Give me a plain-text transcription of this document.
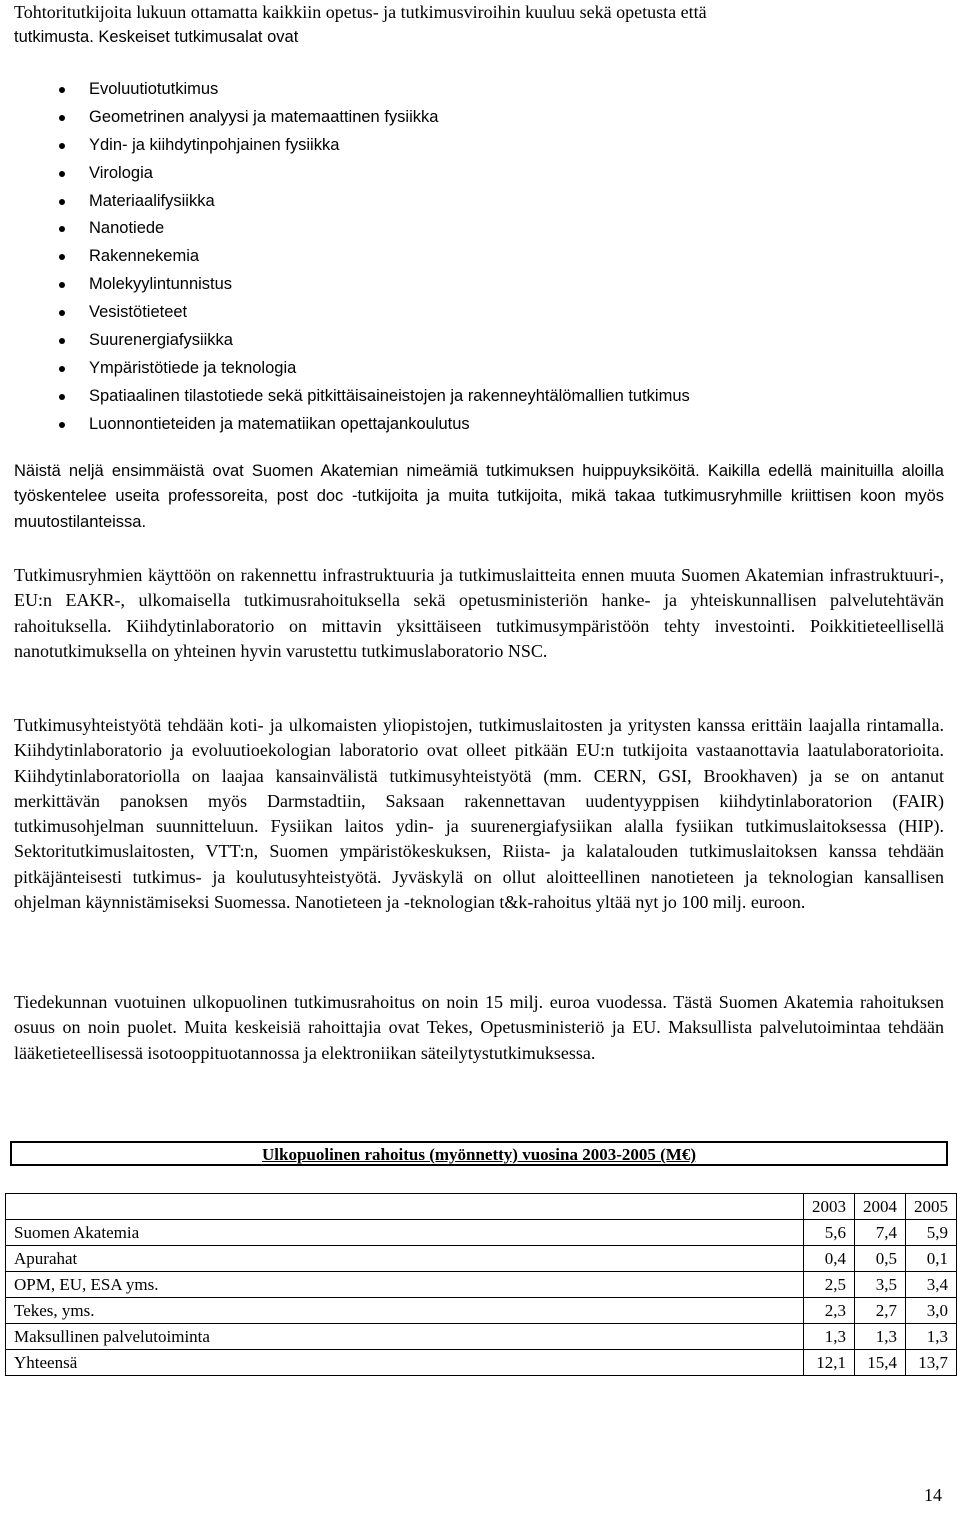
Tohtoritutkijoita lukuun ottamatta kaikkiin opetus- ja tutkimusviroihin kuuluu sekä opetusta että
tutkimusta. Keskeiset tutkimusalat ovat

Evoluutiotutkimus
Geometrinen analyysi ja matemaattinen fysiikka
Ydin- ja kiihdytinpohjainen fysiikka
Virologia
Materiaalifysiikka
Nanotiede
Rakennekemia
Molekyylintunnistus
Vesistötieteet
Suurenergiafysiikka
Ympäristötiede ja teknologia
Spatiaalinen tilastotiede sekä pitkittäisaineistojen ja rakenneyhtälömallien tutkimus
Luonnontieteiden ja matematiikan opettajankoulutus

Näistä neljä ensimmäistä ovat Suomen Akatemian nimeämiä tutkimuksen huippuyksiköitä. Kaikilla edellä mainituilla aloilla työskentelee useita professoreita, post doc -tutkijoita ja muita tutkijoita, mikä takaa tutkimusryhmille kriittisen koon myös muutostilanteissa.

Tutkimusryhmien käyttöön on rakennettu infrastruktuuria ja tutkimuslaitteita ennen muuta Suomen Akatemian infrastruktuuri-, EU:n EAKR-, ulkomaisella tutkimusrahoituksella sekä opetusministeriön hanke- ja yhteiskunnallisen palvelutehtävän rahoituksella. Kiihdytinlaboratorio on mittavin yksittäiseen tutkimusympäristöön tehty investointi. Poikkitieteellisellä nanotutkimuksella on yhteinen hyvin varustettu tutkimuslaboratorio NSC.

Tutkimusyhteistyötä tehdään koti- ja ulkomaisten yliopistojen, tutkimuslaitosten ja yritysten kanssa erittäin laajalla rintamalla. Kiihdytinlaboratorio ja evoluutioekologian laboratorio ovat olleet pitkään EU:n tutkijoita vastaanottavia laatulaboratorioita. Kiihdytinlaboratoriolla on laajaa kansainvälistä tutkimusyhteistyötä (mm. CERN, GSI, Brookhaven) ja se on antanut merkittävän panoksen myös Darmstadtiin, Saksaan rakennettavan uudentyyppisen kiihdytinlaboratorion (FAIR) tutkimusohjelman suunnitteluun. Fysiikan laitos ydin- ja suurenergiafysiikan alalla fysiikan tutkimuslaitoksessa (HIP). Sektoritutkimuslaitosten, VTT:n, Suomen ympäristökeskuksen, Riista- ja kalatalouden tutkimuslaitoksen kanssa tehdään pitkäjänteisesti tutkimus- ja koulutusyhteistyötä. Jyväskylä on ollut aloitteellinen nanotieteen ja teknologian kansallisen ohjelman käynnistämiseksi Suomessa. Nanotieteen ja -teknologian t&k-rahoitus yltää nyt jo 100 milj. euroon.

Tiedekunnan vuotuinen ulkopuolinen tutkimusrahoitus on noin 15 milj. euroa vuodessa. Tästä Suomen Akatemia rahoituksen osuus on noin puolet. Muita keskeisiä rahoittajia ovat Tekes, Opetusministeriö ja EU. Maksullista palvelutoimintaa tehdään lääketieteellisessä isotooppituotannossa ja elektroniikan säteilytystutkimuksessa.

Ulkopuolinen rahoitus (myönnetty) vuosina 2003-2005 (M€)
	2003	2004	2005
Suomen Akatemia	5,6	7,4	5,9
Apurahat	0,4	0,5	0,1
OPM, EU, ESA yms.	2,5	3,5	3,4
Tekes, yms.	2,3	2,7	3,0
Maksullinen palvelutoiminta	1,3	1,3	1,3
Yhteensä	12,1	15,4	13,7
14
